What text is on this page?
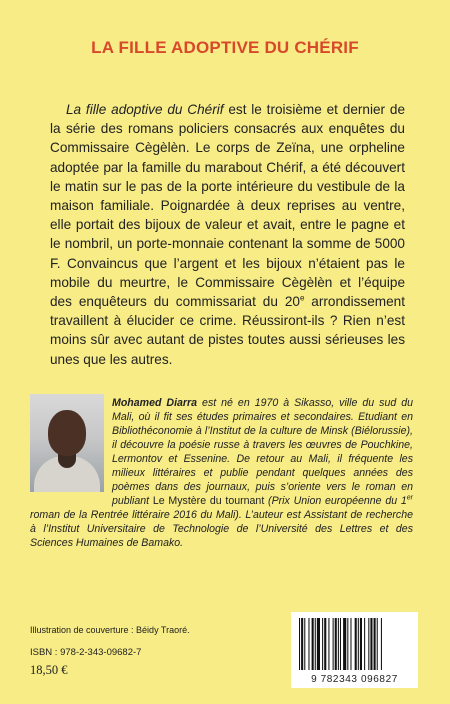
LA FILLE ADOPTIVE DU CHÉRIF
La fille adoptive du Chérif est le troisième et dernier de la série des romans policiers consacrés aux enquêtes du Commissaire Cègèlèn. Le corps de Zeïna, une orpheline adoptée par la famille du marabout Chérif, a été découvert le matin sur le pas de la porte intérieure du vestibule de la maison familiale. Poignardée à deux reprises au ventre, elle portait des bijoux de valeur et avait, entre le pagne et le nombril, un porte-monnaie contenant la somme de 5000 F. Convaincus que l’argent et les bijoux n’étaient pas le mobile du meurtre, le Commissaire Cègèlèn et l’équipe des enquêteurs du commissariat du 20e arrondissement travaillent à élucider ce crime. Réussiront-ils ? Rien n’est moins sûr avec autant de pistes toutes aussi sérieuses les unes que les autres.
Mohamed Diarra est né en 1970 à Sikasso, ville du sud du Mali, où il fit ses études primaires et secondaires. Etudiant en Bibliothéconomie à l’Institut de la culture de Minsk (Biélorussie), il découvre la poésie russe à travers les œuvres de Pouchkine, Lermontov et Essenine. De retour au Mali, il fréquente les milieux littéraires et publie pendant quelques années des poèmes dans des journaux, puis s’oriente vers le roman en publiant Le Mystère du tournant (Prix Union européenne du 1er roman de la Rentrée littéraire 2016 du Mali). L’auteur est Assistant de recherche à l’Institut Universitaire de Technologie de l’Université des Lettres et des Sciences Humaines de Bamako.
Illustration de couverture : Béidy Traoré.
ISBN : 978-2-343-09682-7
18,50 €
9 782343 096827
